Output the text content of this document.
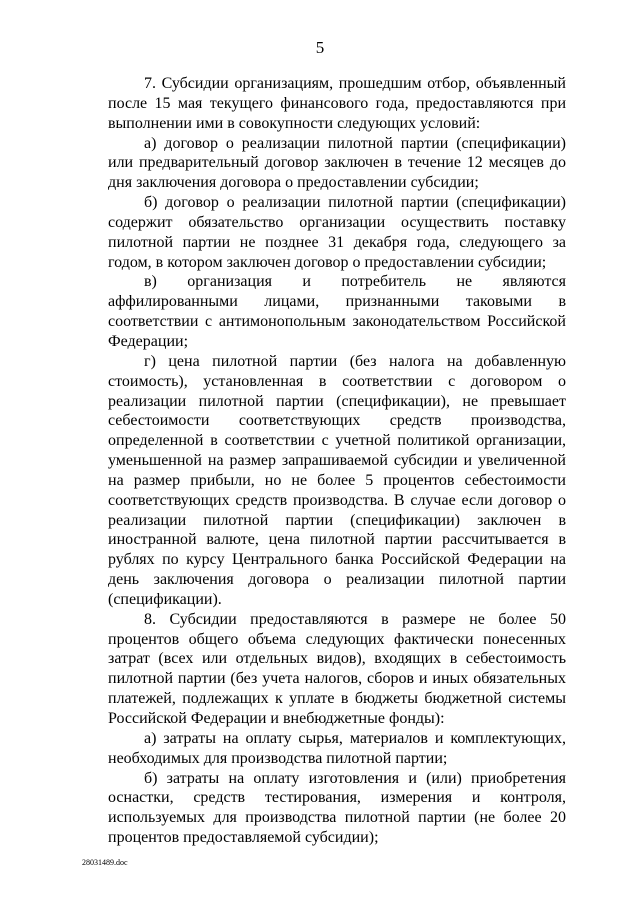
5

7. Субсидии организациям, прошедшим отбор, объявленный после 15 мая текущего финансового года, предоставляются при выполнении ими в совокупности следующих условий:

а) договор о реализации пилотной партии (спецификации) или предварительный договор заключен в течение 12 месяцев до дня заключения договора о предоставлении субсидии;

б) договор о реализации пилотной партии (спецификации) содержит обязательство организации осуществить поставку пилотной партии не позднее 31 декабря года, следующего за годом, в котором заключен договор о предоставлении субсидии;

в) организация и потребитель не являются аффилированными лицами, признанными таковыми в соответствии с антимонопольным законодательством Российской Федерации;

г) цена пилотной партии (без налога на добавленную стоимость), установленная в соответствии с договором о реализации пилотной партии (спецификации), не превышает себестоимости соответствующих средств производства, определенной в соответствии с учетной политикой организации, уменьшенной на размер запрашиваемой субсидии и увеличенной на размер прибыли, но не более 5 процентов себестоимости соответствующих средств производства. В случае если договор о реализации пилотной партии (спецификации) заключен в иностранной валюте, цена пилотной партии рассчитывается в рублях по курсу Центрального банка Российской Федерации на день заключения договора о реализации пилотной партии (спецификации).

8. Субсидии предоставляются в размере не более 50 процентов общего объема следующих фактически понесенных затрат (всех или отдельных видов), входящих в себестоимость пилотной партии (без учета налогов, сборов и иных обязательных платежей, подлежащих к уплате в бюджеты бюджетной системы Российской Федерации и внебюджетные фонды):

а) затраты на оплату сырья, материалов и комплектующих, необходимых для производства пилотной партии;

б) затраты на оплату изготовления и (или) приобретения оснастки, средств тестирования, измерения и контроля, используемых для производства пилотной партии (не более 20 процентов предоставляемой субсидии);

28031489.doc
